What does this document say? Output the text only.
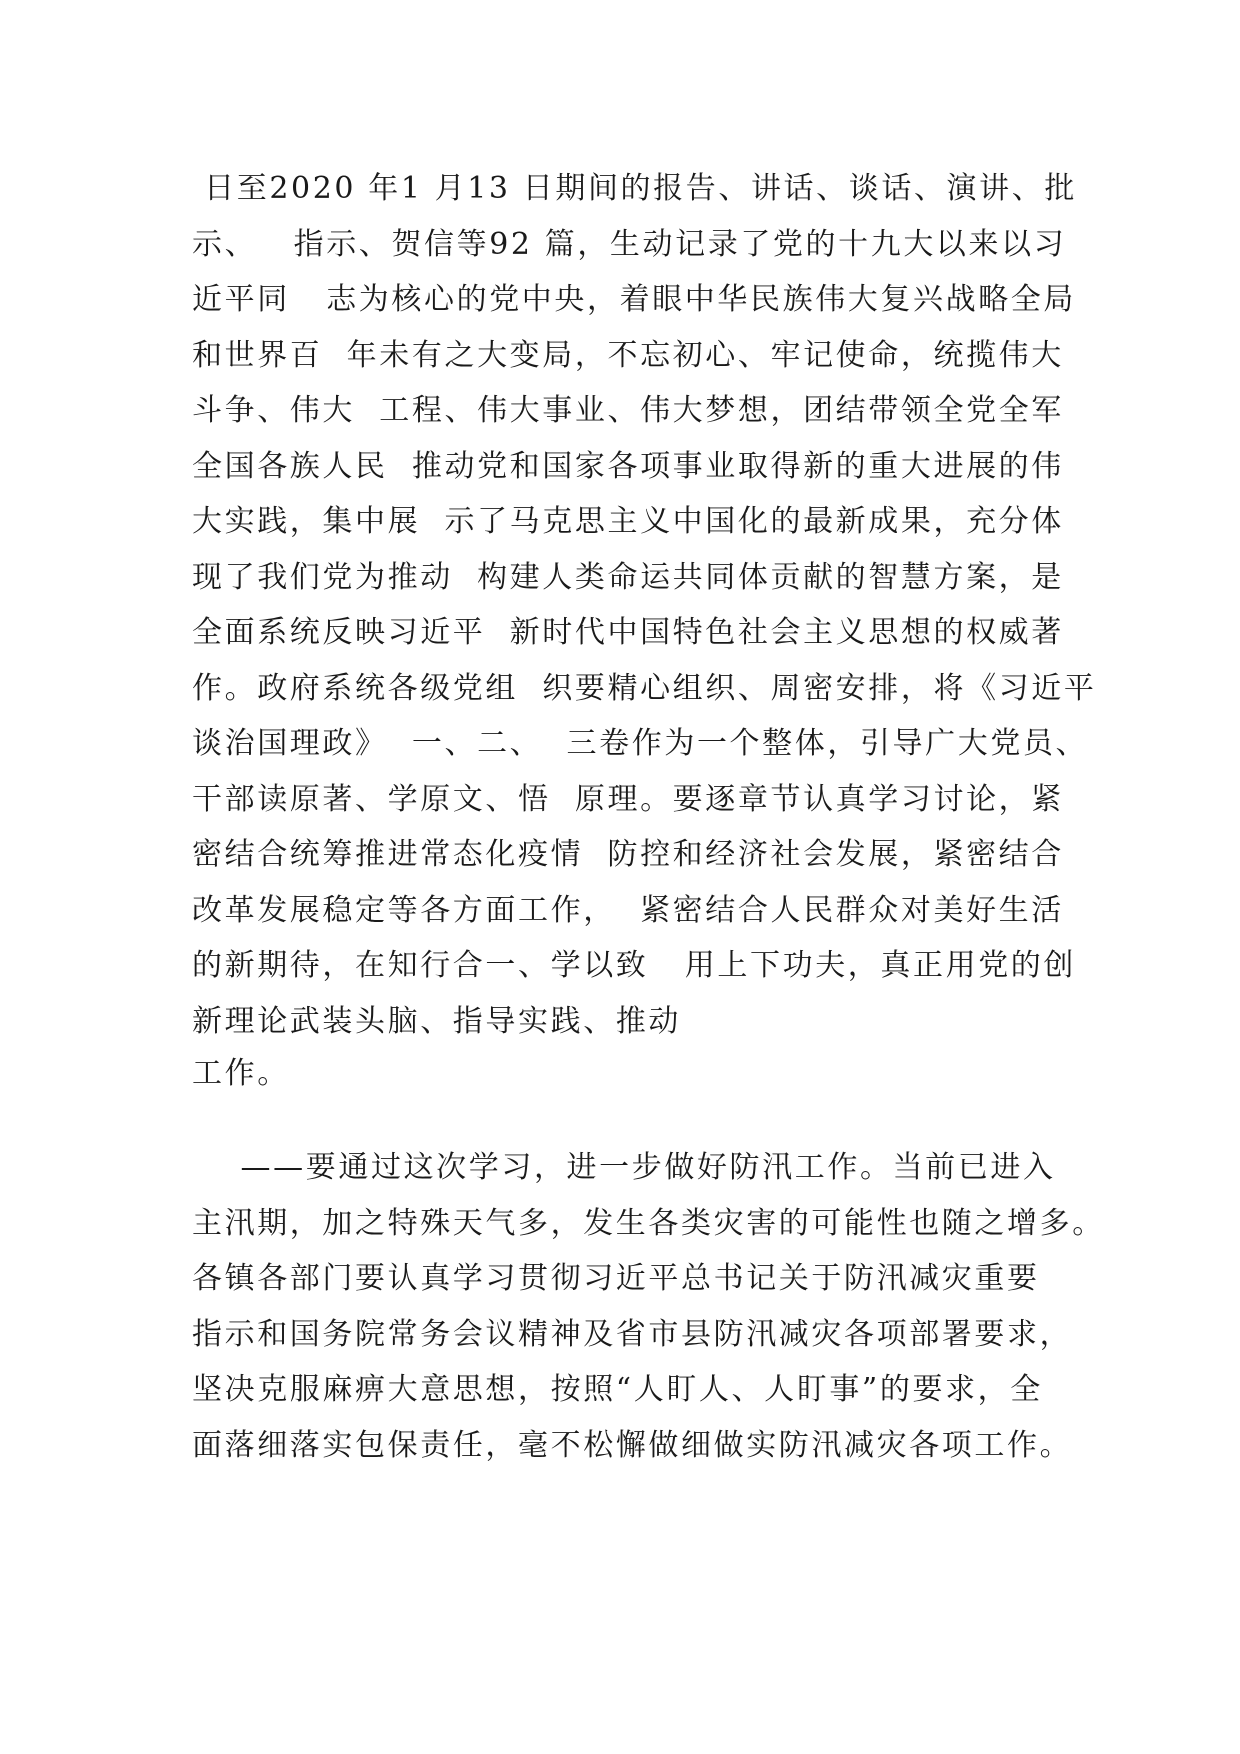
日至2020 年1 月13 日期间的报告、讲话、谈话、演讲、批
示、   指示、贺信等92 篇，生动记录了党的十九大以来以习
近平同   志为核心的党中央，着眼中华民族伟大复兴战略全局
和世界百  年未有之大变局，不忘初心、牢记使命，统揽伟大
斗争、伟大  工程、伟大事业、伟大梦想，团结带领全党全军
全国各族人民  推动党和国家各项事业取得新的重大进展的伟
大实践，集中展  示了马克思主义中国化的最新成果，充分体
现了我们党为推动  构建人类命运共同体贡献的智慧方案，是
全面系统反映习近平  新时代中国特色社会主义思想的权威著
作。政府系统各级党组  织要精心组织、周密安排，将《习近平
谈治国理政》  一、二、  三卷作为一个整体，引导广大党员、
干部读原著、学原文、悟  原理。要逐章节认真学习讨论，紧
密结合统筹推进常态化疫情  防控和经济社会发展，紧密结合
改革发展稳定等各方面工作，  紧密结合人民群众对美好生活
的新期待，在知行合一、学以致   用上下功夫，真正用党的创
新理论武装头脑、指导实践、推动
工作。
——要通过这次学习，进一步做好防汛工作。当前已进入
主汛期，加之特殊天气多，发生各类灾害的可能性也随之增多。
各镇各部门要认真学习贯彻习近平总书记关于防汛减灾重要
指示和国务院常务会议精神及省市县防汛减灾各项部署要求，
坚决克服麻痹大意思想，按照“人盯人、人盯事”的要求，全
面落细落实包保责任，毫不松懈做细做实防汛减灾各项工作。
